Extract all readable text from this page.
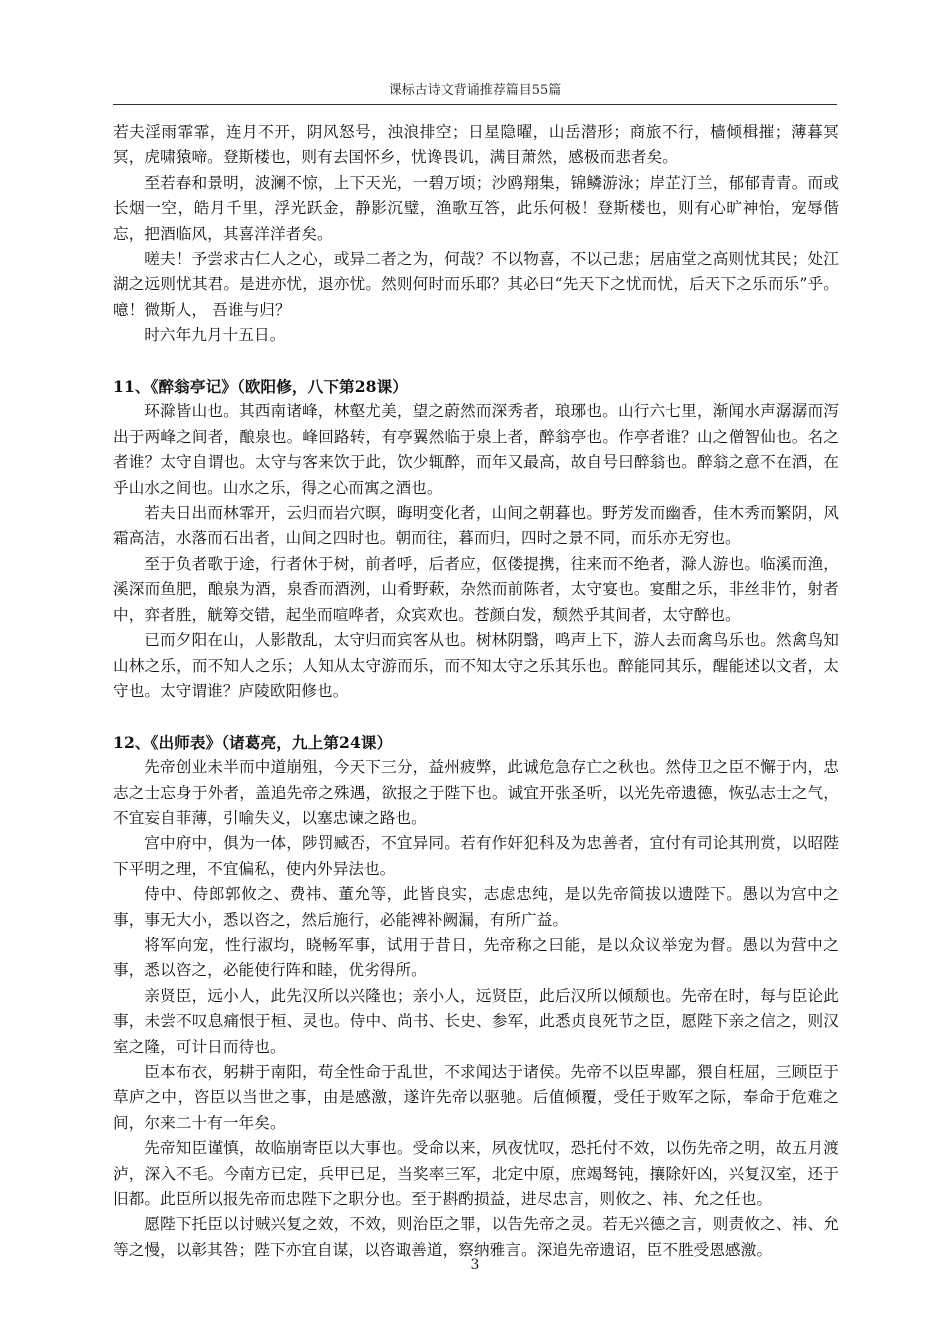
课标古诗文背诵推荐篇目55篇

若夫淫雨霏霏，连月不开，阴风怒号，浊浪排空；日星隐曜，山岳潜形；商旅不行，樯倾楫摧；薄暮冥冥，虎啸猿啼。登斯楼也，则有去国怀乡，忧谗畏讥，满目萧然，感极而悲者矣。

至若春和景明，波澜不惊，上下天光，一碧万顷；沙鸥翔集，锦鳞游泳；岸芷汀兰，郁郁青青。而或长烟一空，皓月千里，浮光跃金，静影沉璧，渔歌互答，此乐何极！登斯楼也，则有心旷神怡，宠辱偕忘，把酒临风，其喜洋洋者矣。

嗟夫！予尝求古仁人之心，或异二者之为，何哉？不以物喜，不以己悲；居庙堂之高则忧其民；处江湖之远则忧其君。是进亦忧，退亦忧。然则何时而乐耶？其必曰“先天下之忧而忧，后天下之乐而乐”乎。噫！微斯人， 吾谁与归？

时六年九月十五日。

11、《醉翁亭记》（欧阳修，八下第28课）

环滁皆山也。其西南诸峰，林壑尤美，望之蔚然而深秀者，琅琊也。山行六七里，渐闻水声潺潺而泻出于两峰之间者，酿泉也。峰回路转，有亭翼然临于泉上者，醉翁亭也。作亭者谁？山之僧智仙也。名之者谁？太守自谓也。太守与客来饮于此，饮少辄醉，而年又最高，故自号曰醉翁也。醉翁之意不在酒，在乎山水之间也。山水之乐，得之心而寓之酒也。

若夫日出而林霏开，云归而岩穴暝，晦明变化者，山间之朝暮也。野芳发而幽香，佳木秀而繁阴，风霜高洁，水落而石出者，山间之四时也。朝而往，暮而归，四时之景不同，而乐亦无穷也。

至于负者歌于途，行者休于树，前者呼，后者应，伛偻提携，往来而不绝者，滁人游也。临溪而渔，溪深而鱼肥，酿泉为酒，泉香而酒洌，山肴野蔌，杂然而前陈者，太守宴也。宴酣之乐，非丝非竹，射者中，弈者胜，觥筹交错，起坐而喧哗者，众宾欢也。苍颜白发，颓然乎其间者，太守醉也。

已而夕阳在山，人影散乱，太守归而宾客从也。树林阴翳，鸣声上下，游人去而禽鸟乐也。然禽鸟知山林之乐，而不知人之乐；人知从太守游而乐，而不知太守之乐其乐也。醉能同其乐，醒能述以文者，太守也。太守谓谁？庐陵欧阳修也。

12、《出师表》（诸葛亮，九上第24课）

先帝创业未半而中道崩殂，今天下三分，益州疲弊，此诚危急存亡之秋也。然侍卫之臣不懈于内，忠志之士忘身于外者，盖追先帝之殊遇，欲报之于陛下也。诚宜开张圣听，以光先帝遗德，恢弘志士之气，不宜妄自菲薄，引喻失义，以塞忠谏之路也。

宫中府中，俱为一体，陟罚臧否，不宜异同。若有作奸犯科及为忠善者，宜付有司论其刑赏，以昭陛下平明之理，不宜偏私，使内外异法也。

侍中、侍郎郭攸之、费祎、董允等，此皆良实，志虑忠纯，是以先帝简拔以遗陛下。愚以为宫中之事，事无大小，悉以咨之，然后施行，必能裨补阙漏，有所广益。

将军向宠，性行淑均，晓畅军事，试用于昔日，先帝称之曰能，是以众议举宠为督。愚以为营中之事，悉以咨之，必能使行阵和睦，优劣得所。

亲贤臣，远小人，此先汉所以兴隆也；亲小人，远贤臣，此后汉所以倾颓也。先帝在时，每与臣论此事，未尝不叹息痛恨于桓、灵也。侍中、尚书、长史、参军，此悉贞良死节之臣，愿陛下亲之信之，则汉室之隆，可计日而待也。

臣本布衣，躬耕于南阳，苟全性命于乱世，不求闻达于诸侯。先帝不以臣卑鄙，猥自枉屈，三顾臣于草庐之中，咨臣以当世之事，由是感激，遂许先帝以驱驰。后值倾覆，受任于败军之际，奉命于危难之间，尔来二十有一年矣。

先帝知臣谨慎，故临崩寄臣以大事也。受命以来，夙夜忧叹，恐托付不效，以伤先帝之明，故五月渡泸，深入不毛。今南方已定，兵甲已足，当奖率三军，北定中原，庶竭驽钝，攘除奸凶，兴复汉室，还于旧都。此臣所以报先帝而忠陛下之职分也。至于斟酌损益，进尽忠言，则攸之、祎、允之任也。

愿陛下托臣以讨贼兴复之效，不效，则治臣之罪，以告先帝之灵。若无兴德之言，则责攸之、祎、允等之慢，以彰其咎；陛下亦宜自谋，以咨诹善道，察纳雅言。深追先帝遗诏，臣不胜受恩感激。

3
